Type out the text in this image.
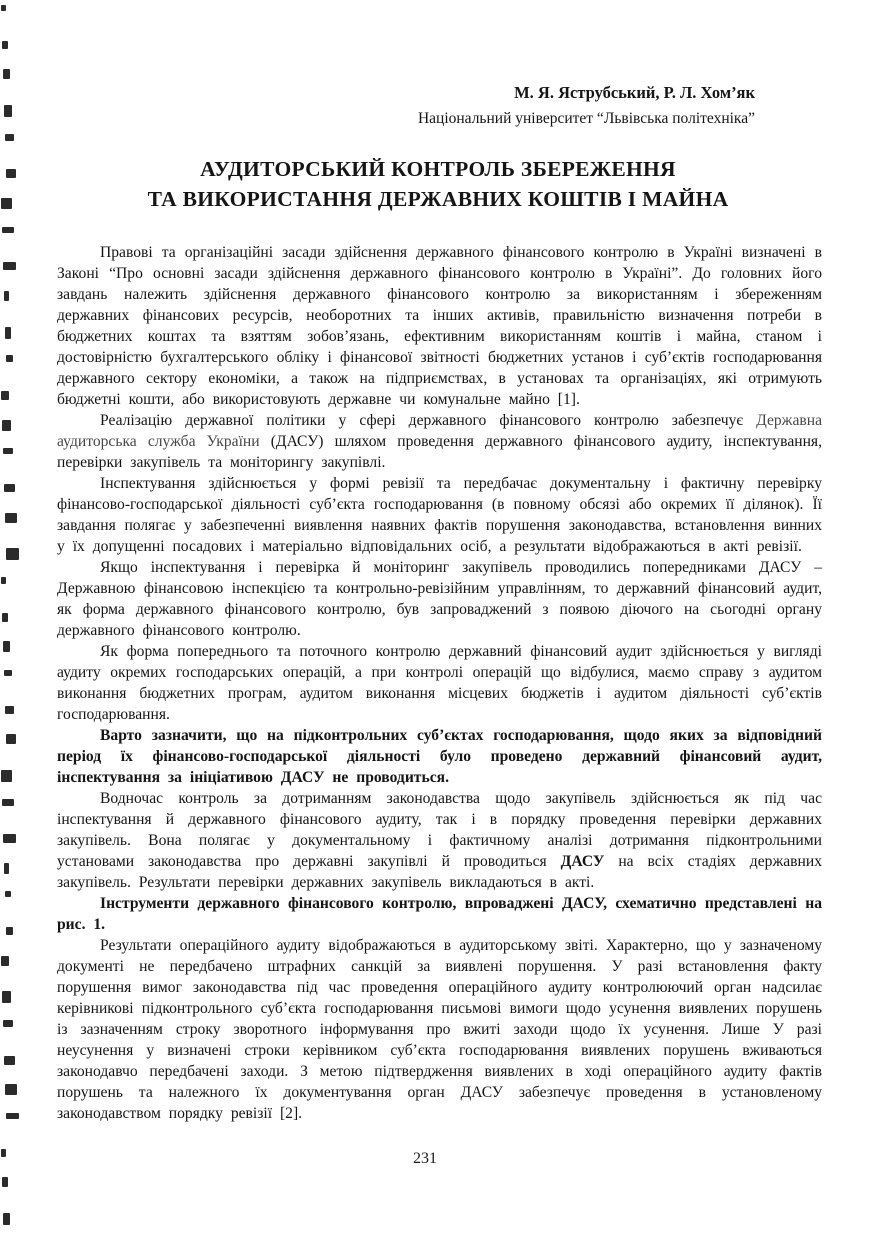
М. Я. Яструбський, Р. Л. Хом’як
Національний університет “Львівська політехніка”
АУДИТОРСЬКИЙ КОНТРОЛЬ ЗБЕРЕЖЕННЯ
ТА ВИКОРИСТАННЯ ДЕРЖАВНИХ КОШТІВ І МАЙНА

Правові та організаційні засади здійснення державного фінансового контролю в Україні визначені в Законі “Про основні засади здійснення державного фінансового контролю в Україні”. До головних його завдань належить здійснення державного фінансового контролю за використанням і збереженням державних фінансових ресурсів, необоротних та інших активів, правильністю визначення потреби в бюджетних коштах та взяттям зобов’язань, ефективним використанням коштів і майна, станом і достовірністю бухгалтерського обліку і фінансової звітності бюджетних установ і суб’єктів господарювання державного сектору економіки, а також на підприємствах, в установах та організаціях, які отримують бюджетні кошти, або використовують державне чи комунальне майно [1].

Реалізацію державної політики у сфері державного фінансового контролю забезпечує Державна аудиторська служба України (ДАСУ) шляхом проведення державного фінансового аудиту, інспектування, перевірки закупівель та моніторингу закупівлі.

Інспектування здійснюється у формі ревізії та передбачає документальну і фактичну перевірку фінансово-господарської діяльності суб’єкта господарювання (в повному обсязі або окремих її ділянок). Її завдання полягає у забезпеченні виявлення наявних фактів порушення законодавства, встановлення винних у їх допущенні посадових і матеріально відповідальних осіб, а результати відображаються в акті ревізії.

Якщо інспектування і перевірка й моніторинг закупівель проводились попередниками ДАСУ – Державною фінансовою інспекцією та контрольно-ревізійним управлінням, то державний фінансовий аудит, як форма державного фінансового контролю, був запроваджений з появою діючого на сьогодні органу державного фінансового контролю.

Як форма попереднього та поточного контролю державний фінансовий аудит здійснюється у вигляді аудиту окремих господарських операцій, а при контролі операцій що відбулися, маємо справу з аудитом виконання бюджетних програм, аудитом виконання місцевих бюджетів і аудитом діяльності суб’єктів господарювання.

Варто зазначити, що на підконтрольних суб’єктах господарювання, щодо яких за відповідний період їх фінансово-господарської діяльності було проведено державний фінансовий аудит, інспектування за ініціативою ДАСУ не проводиться.

Водночас контроль за дотриманням законодавства щодо закупівель здійснюється як під час інспектування й державного фінансового аудиту, так і в порядку проведення перевірки державних закупівель. Вона полягає у документальному і фактичному аналізі дотримання підконтрольними установами законодавства про державні закупівлі й проводиться ДАСУ на всіх стадіях державних закупівель. Результати перевірки державних закупівель викладаються в акті.

Інструменти державного фінансового контролю, впроваджені ДАСУ, схематично представлені на рис. 1.

Результати операційного аудиту відображаються в аудиторському звіті. Характерно, що у зазначеному документі не передбачено штрафних санкцій за виявлені порушення. У разі встановлення факту порушення вимог законодавства під час проведення операційного аудиту контролюючий орган надсилає керівникові підконтрольного суб’єкта господарювання письмові вимоги щодо усунення виявлених порушень із зазначенням строку зворотного інформування про вжиті заходи щодо їх усунення. Лише У разі неусунення у визначені строки керівником суб’єкта господарювання виявлених порушень вживаються законодавчо передбачені заходи. З метою підтвердження виявлених в ході операційного аудиту фактів порушень та належного їх документування орган ДАСУ забезпечує проведення в установленому законодавством порядку ревізії [2].

231
